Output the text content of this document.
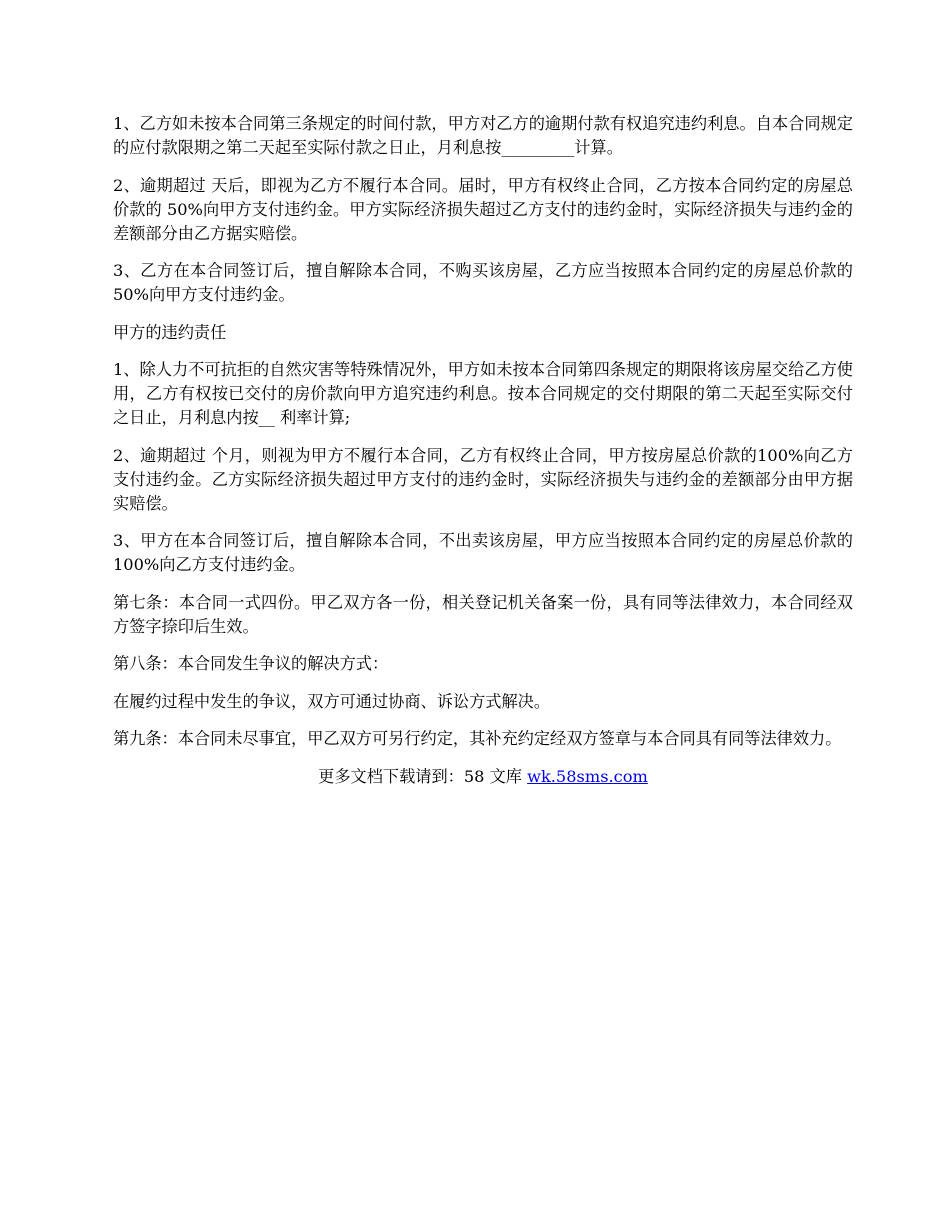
1、乙方如未按本合同第三条规定的时间付款，甲方对乙方的逾期付款有权追究违约利息。自本合同规定的应付款限期之第二天起至实际付款之日止，月利息按_________计算。

2、逾期超过 天后，即视为乙方不履行本合同。届时，甲方有权终止合同，乙方按本合同约定的房屋总价款的 50%向甲方支付违约金。甲方实际经济损失超过乙方支付的违约金时，实际经济损失与违约金的差额部分由乙方据实赔偿。

3、乙方在本合同签订后，擅自解除本合同，不购买该房屋，乙方应当按照本合同约定的房屋总价款的 50%向甲方支付违约金。

甲方的违约责任

1、除人力不可抗拒的自然灾害等特殊情况外，甲方如未按本合同第四条规定的期限将该房屋交给乙方使用，乙方有权按已交付的房价款向甲方追究违约利息。按本合同规定的交付期限的第二天起至实际交付之日止，月利息内按__ 利率计算;

2、逾期超过 个月，则视为甲方不履行本合同，乙方有权终止合同，甲方按房屋总价款的100%向乙方支付违约金。乙方实际经济损失超过甲方支付的违约金时，实际经济损失与违约金的差额部分由甲方据实赔偿。

3、甲方在本合同签订后，擅自解除本合同，不出卖该房屋，甲方应当按照本合同约定的房屋总价款的 100%向乙方支付违约金。

第七条：本合同一式四份。甲乙双方各一份，相关登记机关备案一份，具有同等法律效力，本合同经双方签字捺印后生效。

第八条：本合同发生争议的解决方式：

在履约过程中发生的争议，双方可通过协商、诉讼方式解决。

第九条：本合同未尽事宜，甲乙双方可另行约定，其补充约定经双方签章与本合同具有同等法律效力。

更多文档下载请到：58 文库 wk.58sms.com
